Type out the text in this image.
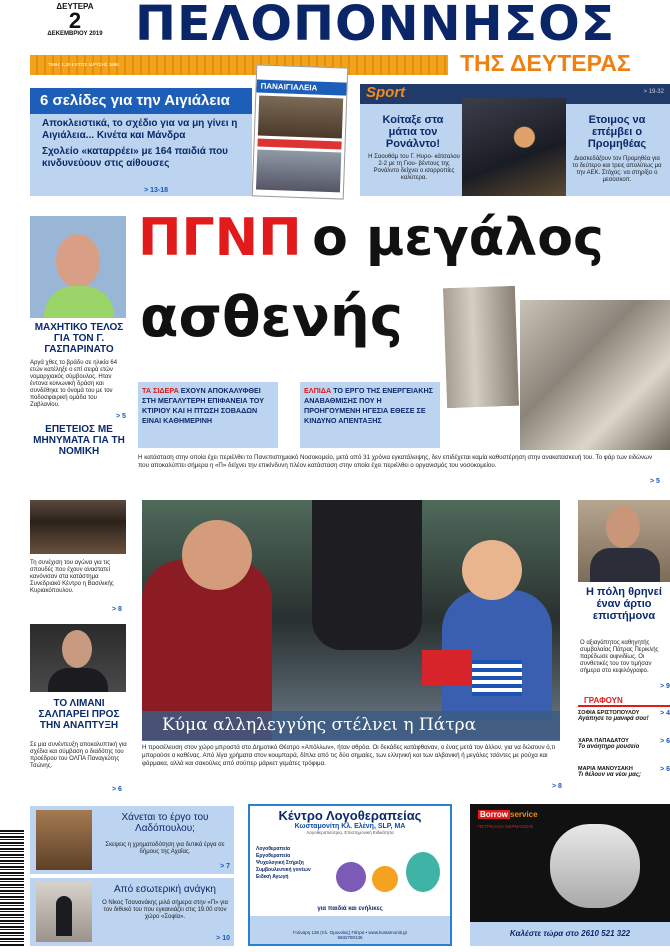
ΔΕΥΤΕΡΑ
2
ΔΕΚΕΜΒΡΙΟΥ 2019 ΠΕΛΟΠΟΝΝΗΣΟΣ
ΤΙΜΗ: 1,20 € ΕΤΟΣ ΙΔΡΥΣΗΣ 1886	ΤΗΣ ΔΕΥΤΕΡΑΣ
6 σελίδες για την Αιγιάλεια
Αποκλειστικά, το σχέδιο για να μη γίνει η Αιγιάλεια... Κινέτα και Μάνδρα
Σχολείο «καταρρέει» με 164 παιδιά που κινδυνεύουν στις αίθουσες
> 13-18
ΠΑΝΑΙΓΙΑΛΕΙΑ	Sport	> 19-32
Κοίταξε στα μάτια τον Ρονάλντο!
Η Σαουθάμ του Γ. Ηυρο- κάτσαλου 2-2 με τη Γιου- βέντους της Ρονάλντο δείχνει ο ισορροπίες καλύτερα.
Ετοιμος να επέμβει ο Προμηθέας
Διασκεδάζουν τον Προμηθέα για το δεύτερο και τρεις απολύτως μα την ΑΕΚ. Στόχος: να στηρίξει ο μεσοσκοπ.
ΜΑΧΗΤΙΚΟ ΤΕΛΟΣ ΓΙΑ ΤΟΝ Γ. ΓΑΣΠΑΡΙΝΑΤΟ
Αργά χθες το βράδυ σε ηλικία 64 ετών κατέληξε ο επί σειρά ετών νομαρχιακός σύμβουλος. Ηταν έντονα κοινωνική δράση και συνδέθηκε το όνομά του με τον ποδοσφαιρική ομάδα του Ζαβλανίου.
> 5
ΕΠΕΤΕΙΟΣ ΜΕ ΜΗΝΥΜΑΤΑ ΓΙΑ ΤΗ ΝΟΜΙΚΗ
Τη συνέχιση του αγώνα για τις σπουδές που έχουν αναστατεί κανόνισαν στα κατάστημα Συνεδριακό Κέντρο η Βασιλικής Κυριακόπουλου.
> 8
ΤΟ ΛΙΜΑΝΙ ΣΑΛΠΑΡΕΙ ΠΡΟΣ ΤΗΝ ΑΝΑΠΤΥΞΗ
Σε μια συνέντευξη αποκαλυπτική για σχέδια και σύμβαση ο διαδότης του προέδρου του ΟΛΠΑ Παναγιώτης Τσώνης.
> 6
ΠΓΝΠ ο μεγάλος
ασθενής
ΤΑ ΣΙΔΕΡΑ ΕΧΟΥΝ ΑΠΟΚΑΛΥΦΘΕΙ ΣΤΗ ΜΕΓΑΛΥΤΕΡΗ ΕΠΙΦΑΝΕΙΑ ΤΟΥ ΚΤΙΡΙΟΥ ΚΑΙ Η ΠΤΩΣΗ ΣΟΒΑΔΩΝ ΕΙΝΑΙ ΚΑΘΗΜΕΡΙΝΗ
ΕΛΠΙΔΑ ΤΟ ΕΡΓΟ ΤΗΣ ΕΝΕΡΓΕΙΑΚΗΣ ΑΝΑΒΑΘΜΙΣΗΣ ΠΟΥ Η ΠΡΟΗΓΟΥΜΕΝΗ ΗΓΕΣΙΑ ΕΘΕΣΕ ΣΕ ΚΙΝΔΥΝΟ ΑΠΕΝΤΑΞΗΣ
Η κατάσταση στην οποία έχει περιέλθει το Πανεπιστημιακό Νοσοκομείο, μετά από 31 χρόνια εγκατάλειψης, δεν επιδέχεται καμία καθυστέρηση στην ανακατασκευή του. Το φάρ των ειδώνων που αποκαλύπτει σήμερα η «Π» δείχνει την επικίνδυνη πλέον κατάσταση στην οποία έχει περιέλθει ο οργανισμός του νοσοκομείου.
> 5
Κύμα αλληλεγγύης στέλνει η Πάτρα
Η προσέλευση στον χώρο μπροστά στο Δημοτικό Θέατρο «Απόλλων», ήταν αθρόα. Οι δεκάδες κατάφθαναν, ο ένας μετά τον άλλον, για να δώσουν ό,τι μπορούσε ο καθένας. Από λίγα χρήματα στον κουμπαρά, δίπλα από τις δύο σημαίες, των ελληνική και των αλβανική ή μεγάλες τσάντες με ρούχα και φάρμακα, αλλά και σακούλες από σούπερ μάρκετ γεμάτες τρόφιμα.
> 8
Η πόλη θρηνεί έναν άρτιο επιστήμονα
Ο αξιαγάπητος καθηγητής συμβολαίας Πάτρας Περικλής παρέδωσε αιφνιδίως. Οι συνθετικές του τον τιμήσαν σήμερα στο κεφιλόγραφο.
> 9
ΓΡΑΦΟΥΝ
ΣΟΦΙΑ ΕΡΙΣΤΟΠΟΥΛΟΥ
Αγάπησε το μανιφά σου!
> 4
ΧΑΡΑ ΠΑΠΑΔΑΤΟΥ
Το ανόητηρο μουσείο
> 6
ΜΑΡΙΑ ΜΑΝΟΥΣΑΚΗ
Τι θέλουν να νέοι μας;
> 6
Χάνεται το έργο του Λαδόπουλου;
Σκεψεις η χρηματοδότηση για δυτικά έργα σε δήμους της Αχαΐας.
> 7
Από εσωτερική ανάγκη
Ο Νίκος Τσανανάκης μιλά σήμερα στην «Π» για τον διθυκό του που εγκαινιάζει στις 19.00 στον χώρο «Σοφία».
> 10
Κέντρο Λογοθεραπείας
Κωσταμονίτη Κλ. Ελένη, SLP, MA
Λογοθεραπεύτρια, Επιστημονική Ειδικότητα
Λογοθεραπεία
Εργοθεραπεία
Ψυχολογική Στήριξη
Συμβουλευτική γονέων
Ειδική Αγωγή
για παιδιά και ενήλικες
Γούναρη 136 (πλ. Ομονοίας) Πάτρα • www.kostamoniti.gr
6932790136
Borrow service
ΠΕΤΡΕΛΑΙΟ ΘΕΡΜΑΝΣΗΣ
Καλέστε τώρα στο 2610 521 322
